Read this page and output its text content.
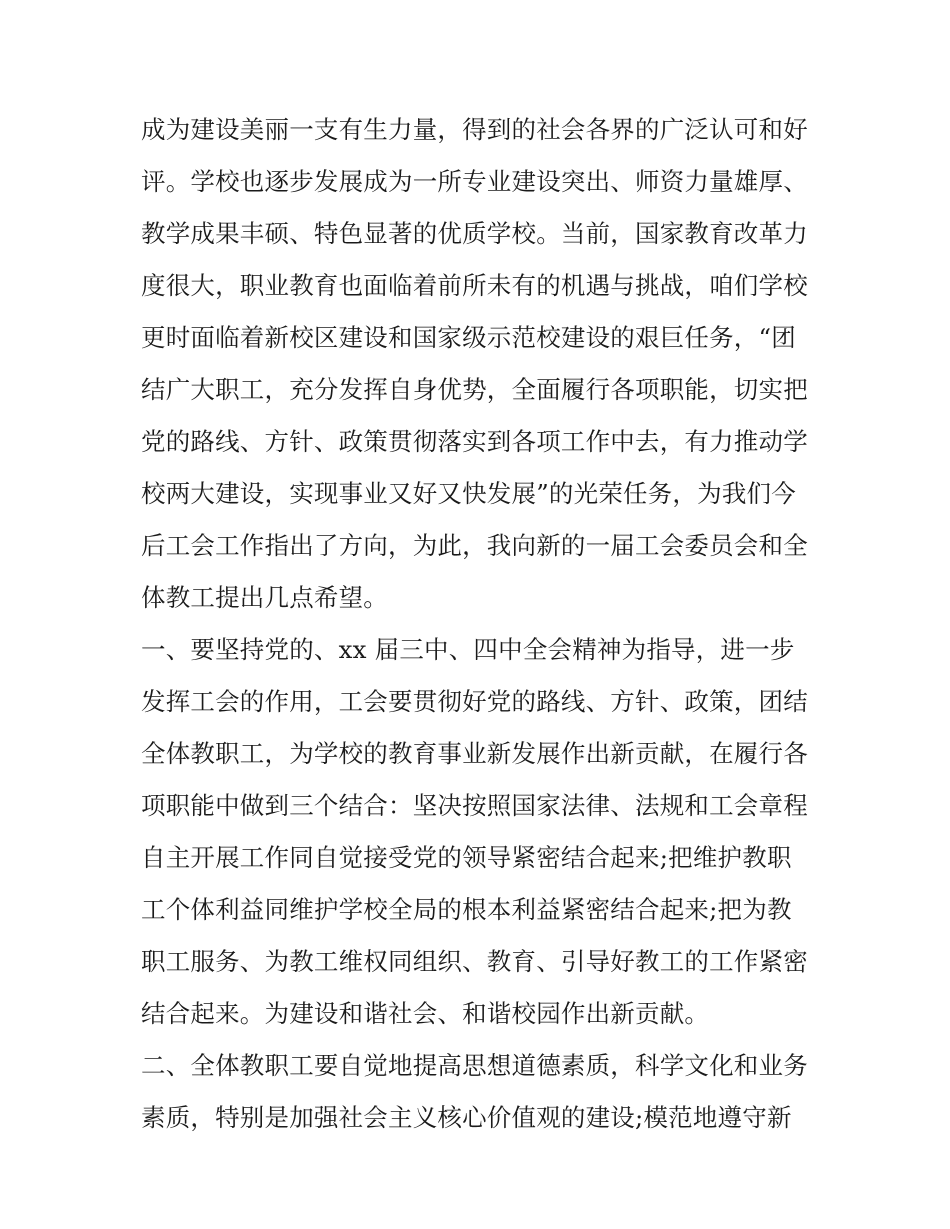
成为建设美丽一支有生力量，得到的社会各界的广泛认可和好
评。学校也逐步发展成为一所专业建设突出、师资力量雄厚、
教学成果丰硕、特色显著的优质学校。当前，国家教育改革力
度很大，职业教育也面临着前所未有的机遇与挑战，咱们学校
更时面临着新校区建设和国家级示范校建设的艰巨任务，“团
结广大职工，充分发挥自身优势，全面履行各项职能，切实把
党的路线、方针、政策贯彻落实到各项工作中去，有力推动学
校两大建设，实现事业又好又快发展”的光荣任务，为我们今
后工会工作指出了方向，为此，我向新的一届工会委员会和全
体教工提出几点希望。
一、要坚持党的、xx 届三中、四中全会精神为指导，进一步
发挥工会的作用，工会要贯彻好党的路线、方针、政策，团结
全体教职工，为学校的教育事业新发展作出新贡献，在履行各
项职能中做到三个结合：坚决按照国家法律、法规和工会章程
自主开展工作同自觉接受党的领导紧密结合起来;把维护教职
工个体利益同维护学校全局的根本利益紧密结合起来;把为教
职工服务、为教工维权同组织、教育、引导好教工的工作紧密
结合起来。为建设和谐社会、和谐校园作出新贡献。
二、全体教职工要自觉地提高思想道德素质，科学文化和业务
素质，特别是加强社会主义核心价值观的建设;模范地遵守新
